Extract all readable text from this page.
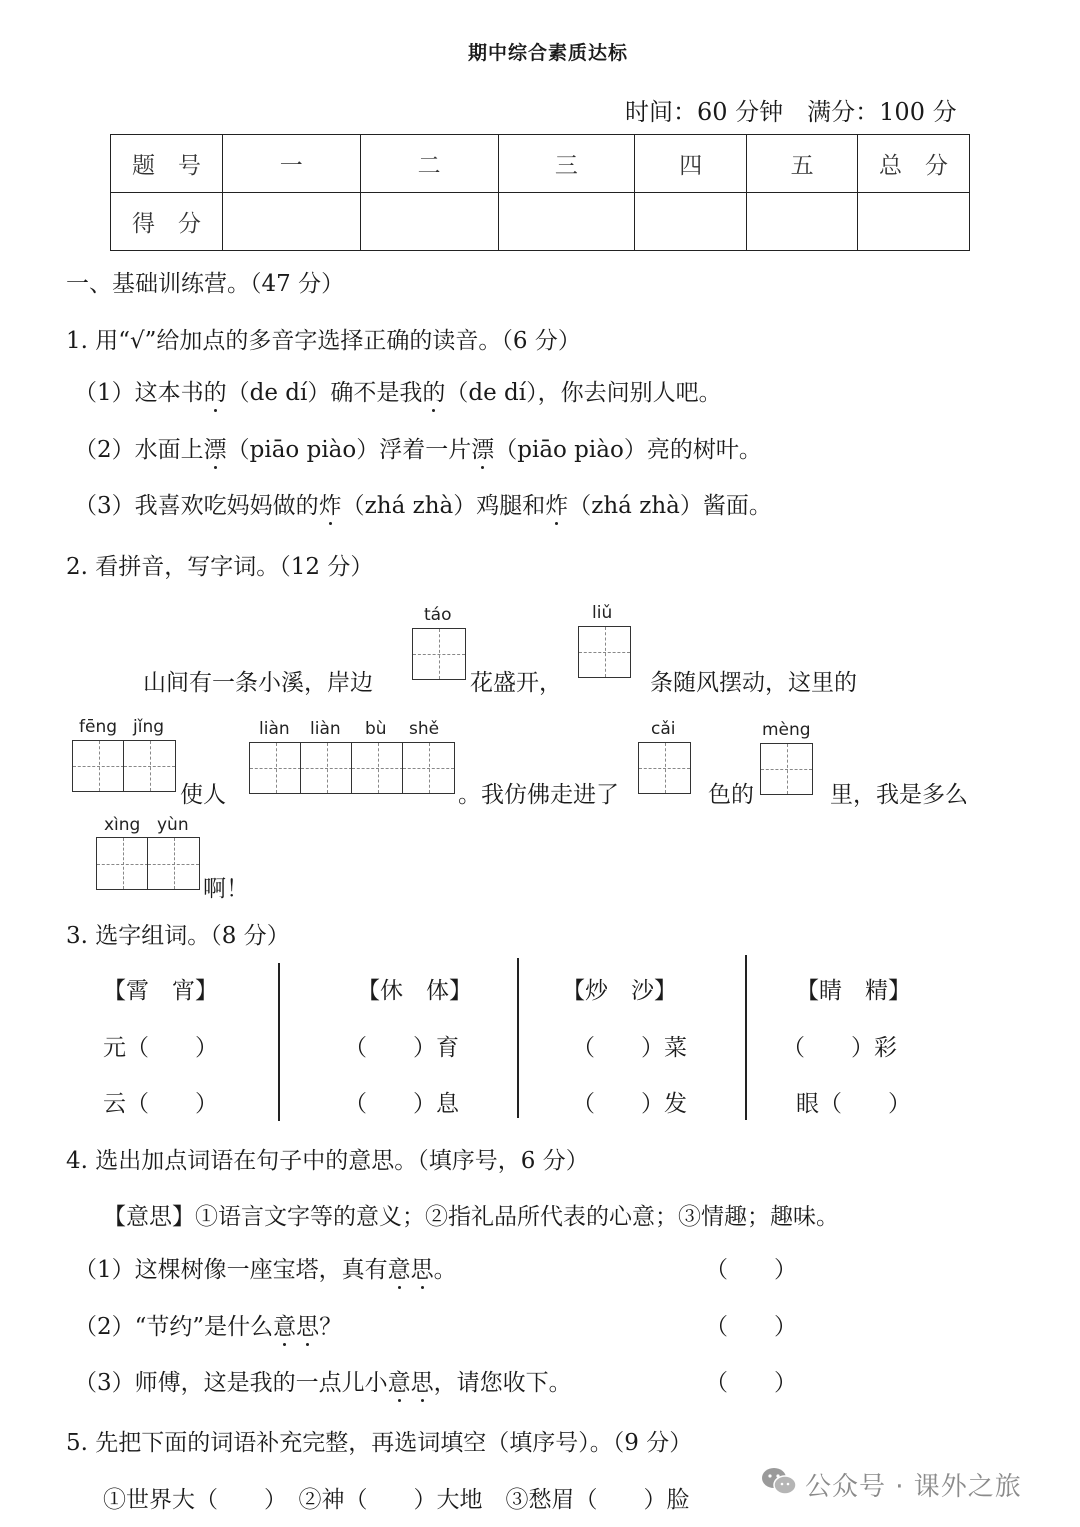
期中综合素质达标
时间：60 分钟　满分：100 分
题　号	一	二	三	四	五	总　分
得　分						
一、基础训练营。（47 分）
1. 用“√”给加点的多音字选择正确的读音。（6 分）
（1）这本书的（de dí）确不是我的（de dí），你去问别人吧。
（2）水面上漂（piāo piào）浮着一片漂（piāo piào）亮的树叶。
（3）我喜欢吃妈妈做的炸（zhá zhà）鸡腿和炸（zhá zhà）酱面。
2. 看拼音，写字词。（12 分）
山间有一条小溪，岸边
táo
花盛开，
liǔ
条随风摆动，这里的
fēng jǐng
使人
liàn liàn bù shě
。我仿佛走进了
cǎi
色的
mèng
里，我是多么
xìng yùn
啊！
3. 选字组词。（8 分）
【霄　宵】
元（　　）
云（　　）
【休　体】
（　　）育
（　　）息
【炒　沙】
（　　）菜
（　　）发
【睛　精】
（　　）彩
眼（　　）
4. 选出加点词语在句子中的意思。（填序号，6 分）
【意思】①语言文字等的意义；②指礼品所代表的心意；③情趣；趣味。
（1）这棵树像一座宝塔，真有意思。	（　　）
（2）“节约”是什么意思？	（　　）
（3）师傅，这是我的一点儿小意思，请您收下。	（　　）
5. 先把下面的词语补充完整，再选词填空（填序号）。（9 分）
①世界大（　　）　②神（　　）大地　③愁眉（　　）脸	公众号 · 课外之旅
